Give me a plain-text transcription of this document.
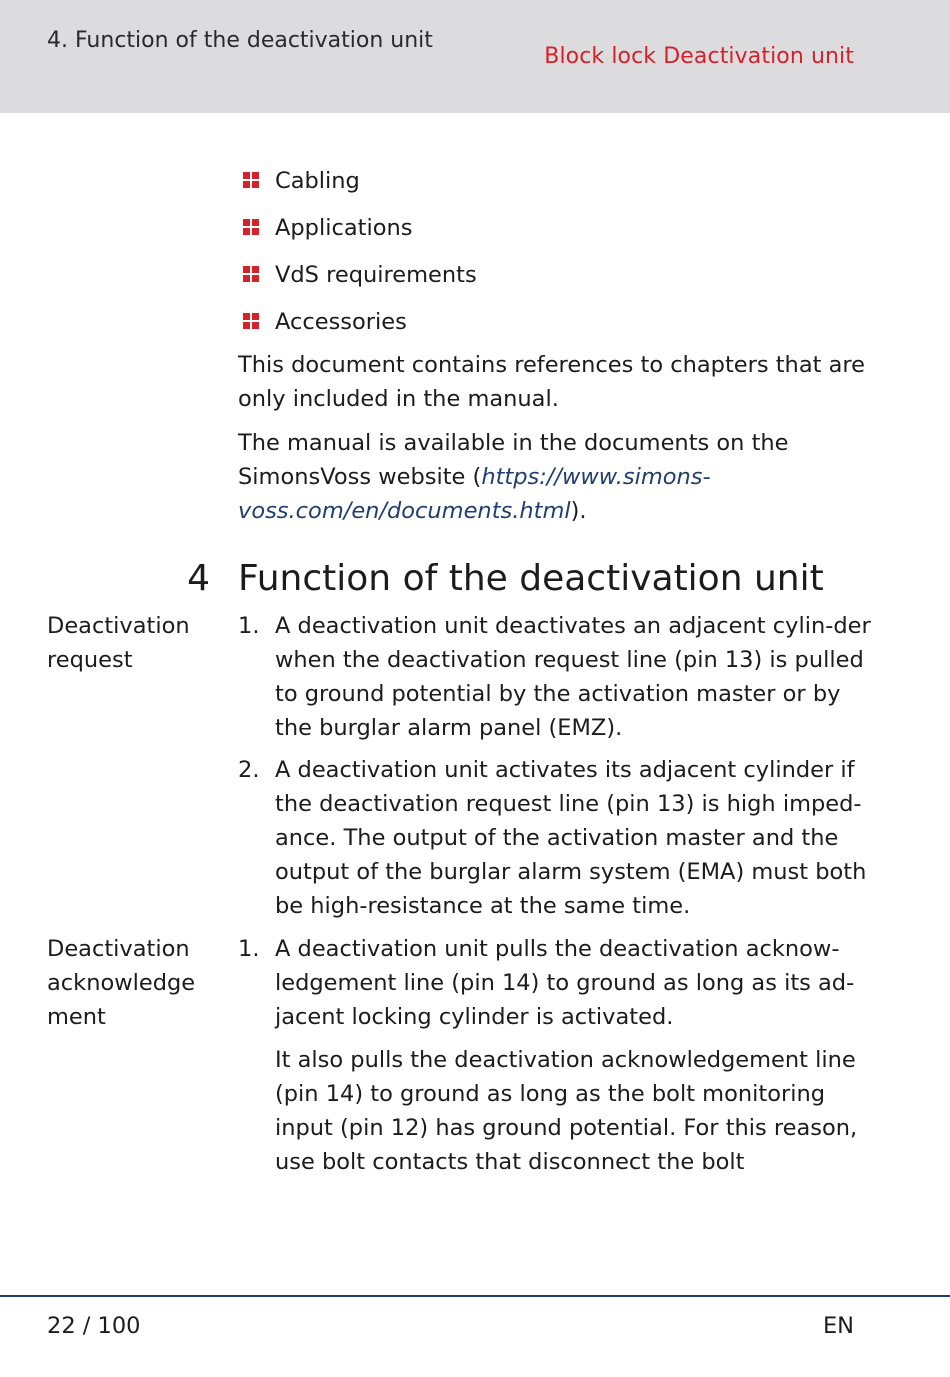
4. Function of the deactivation unit
Block lock Deactivation unit
Cabling
Applications
VdS requirements
Accessories
This document contains references to chapters that are only included in the manual.
The manual is available in the documents on the SimonsVoss website (https://www.simons-voss.com/en/documents.html).
4 Function of the deactivation unit
Deactivation request
1. A deactivation unit deactivates an adjacent cylin-der when the deactivation request line (pin 13) is pulled to ground potential by the activation master or by the burglar alarm panel (EMZ).
2. A deactivation unit activates its adjacent cylinder if the deactivation request line (pin 13) is high imped-ance. The output of the activation master and the output of the burglar alarm system (EMA) must both be high-resistance at the same time.
Deactivation acknowledge ment
1. A deactivation unit pulls the deactivation acknow-ledgement line (pin 14) to ground as long as its ad-jacent locking cylinder is activated.
It also pulls the deactivation acknowledgement line (pin 14) to ground as long as the bolt monitoring input (pin 12) has ground potential. For this reason, use bolt contacts that disconnect the bolt
22 / 100	EN
